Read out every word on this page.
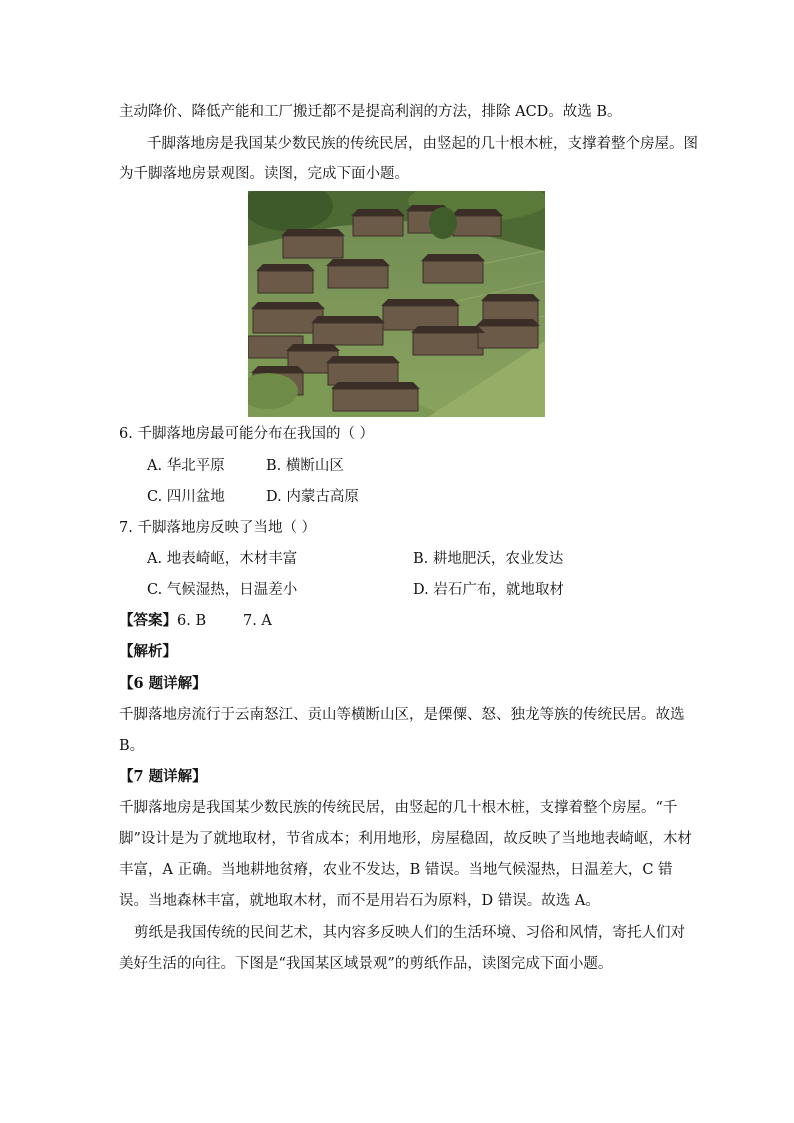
主动降价、降低产能和工厂搬迁都不是提高利润的方法，排除 ACD。故选 B。
千脚落地房是我国某少数民族的传统民居，由竖起的几十根木桩，支撑着整个房屋。图
为千脚落地房景观图。读图，完成下面小题。
6. 千脚落地房最可能分布在我国的（ ）
A. 华北平原	B. 横断山区
C. 四川盆地	D. 内蒙古高原
7. 千脚落地房反映了当地（ ）
A. 地表崎岖，木材丰富	B. 耕地肥沃，农业发达
C. 气候湿热，日温差小	D. 岩石广布，就地取材
【答案】6. B        7. A
【解析】
【6 题详解】
千脚落地房流行于云南怒江、贡山等横断山区，是傈僳、怒、独龙等族的传统民居。故选
B。
【7 题详解】
千脚落地房是我国某少数民族的传统民居，由竖起的几十根木桩，支撑着整个房屋。“千
脚”设计是为了就地取材，节省成本；利用地形，房屋稳固，故反映了当地地表崎岖，木材
丰富，A 正确。当地耕地贫瘠，农业不发达，B 错误。当地气候湿热，日温差大，C 错
误。当地森林丰富，就地取木材，而不是用岩石为原料，D 错误。故选 A。
剪纸是我国传统的民间艺术，其内容多反映人们的生活环境、习俗和风情，寄托人们对
美好生活的向往。下图是“我国某区域景观”的剪纸作品，读图完成下面小题。
